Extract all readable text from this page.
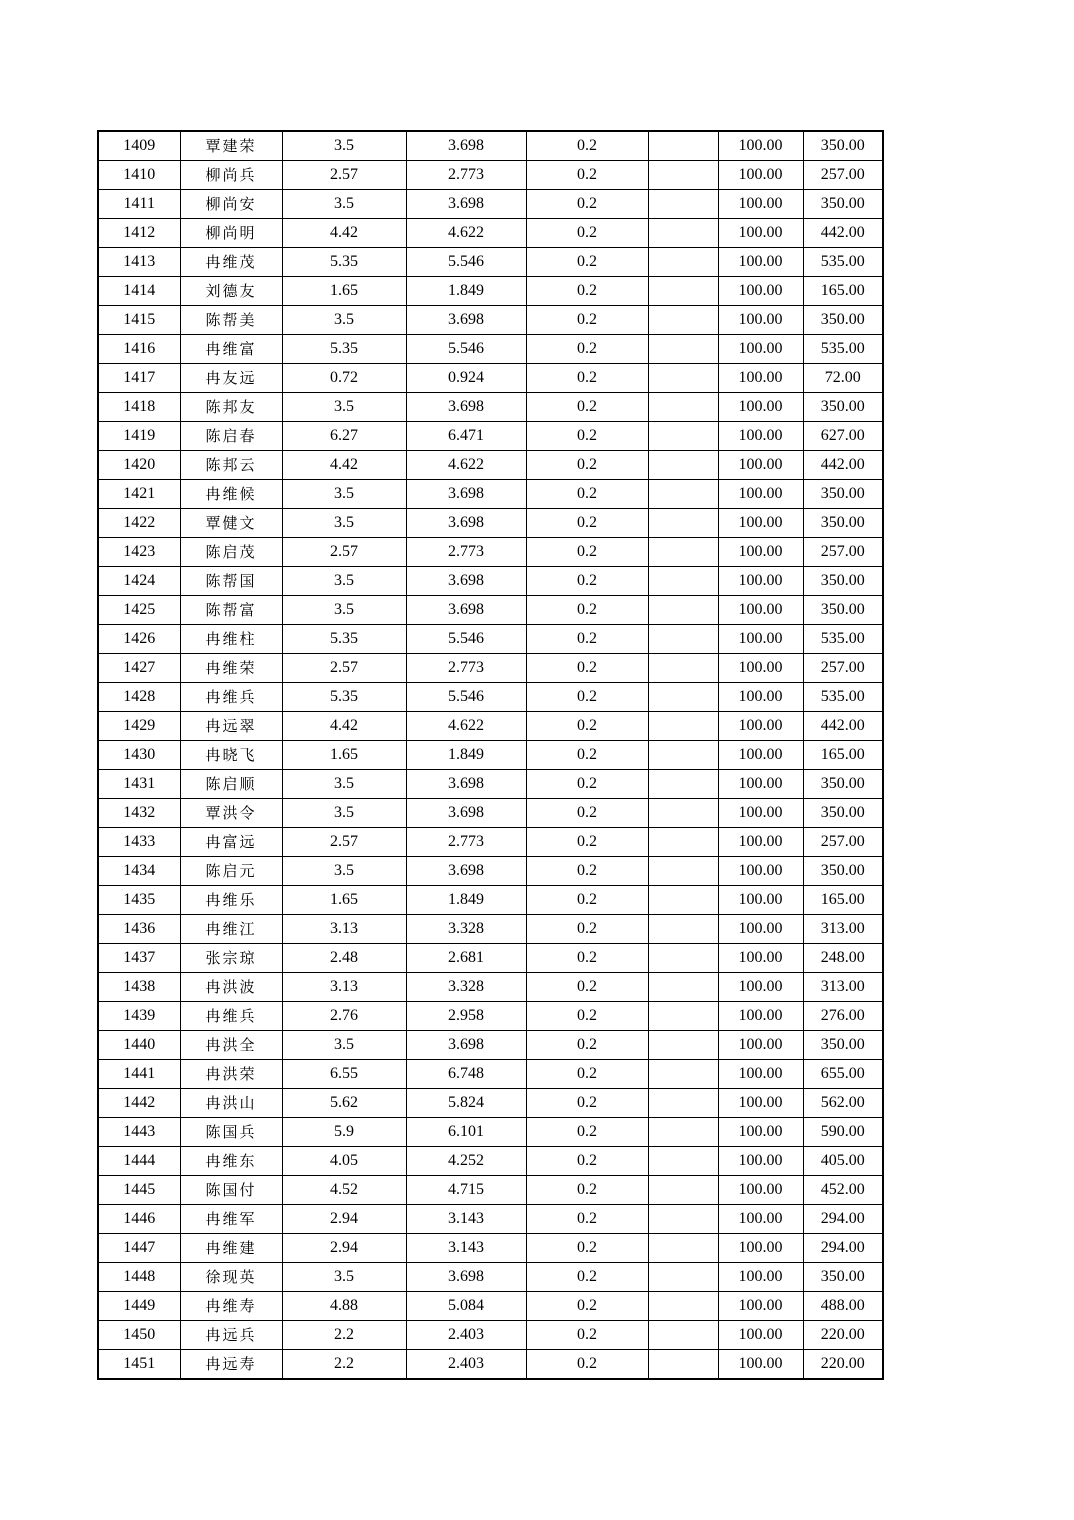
1409	覃建荣	3.5	3.698	0.2		100.00	350.00
1410	柳尚兵	2.57	2.773	0.2		100.00	257.00
1411	柳尚安	3.5	3.698	0.2		100.00	350.00
1412	柳尚明	4.42	4.622	0.2		100.00	442.00
1413	冉维茂	5.35	5.546	0.2		100.00	535.00
1414	刘德友	1.65	1.849	0.2		100.00	165.00
1415	陈帮美	3.5	3.698	0.2		100.00	350.00
1416	冉维富	5.35	5.546	0.2		100.00	535.00
1417	冉友远	0.72	0.924	0.2		100.00	72.00
1418	陈邦友	3.5	3.698	0.2		100.00	350.00
1419	陈启春	6.27	6.471	0.2		100.00	627.00
1420	陈邦云	4.42	4.622	0.2		100.00	442.00
1421	冉维候	3.5	3.698	0.2		100.00	350.00
1422	覃健文	3.5	3.698	0.2		100.00	350.00
1423	陈启茂	2.57	2.773	0.2		100.00	257.00
1424	陈帮国	3.5	3.698	0.2		100.00	350.00
1425	陈帮富	3.5	3.698	0.2		100.00	350.00
1426	冉维柱	5.35	5.546	0.2		100.00	535.00
1427	冉维荣	2.57	2.773	0.2		100.00	257.00
1428	冉维兵	5.35	5.546	0.2		100.00	535.00
1429	冉远翠	4.42	4.622	0.2		100.00	442.00
1430	冉晓飞	1.65	1.849	0.2		100.00	165.00
1431	陈启顺	3.5	3.698	0.2		100.00	350.00
1432	覃洪令	3.5	3.698	0.2		100.00	350.00
1433	冉富远	2.57	2.773	0.2		100.00	257.00
1434	陈启元	3.5	3.698	0.2		100.00	350.00
1435	冉维乐	1.65	1.849	0.2		100.00	165.00
1436	冉维江	3.13	3.328	0.2		100.00	313.00
1437	张宗琼	2.48	2.681	0.2		100.00	248.00
1438	冉洪波	3.13	3.328	0.2		100.00	313.00
1439	冉维兵	2.76	2.958	0.2		100.00	276.00
1440	冉洪全	3.5	3.698	0.2		100.00	350.00
1441	冉洪荣	6.55	6.748	0.2		100.00	655.00
1442	冉洪山	5.62	5.824	0.2		100.00	562.00
1443	陈国兵	5.9	6.101	0.2		100.00	590.00
1444	冉维东	4.05	4.252	0.2		100.00	405.00
1445	陈国付	4.52	4.715	0.2		100.00	452.00
1446	冉维军	2.94	3.143	0.2		100.00	294.00
1447	冉维建	2.94	3.143	0.2		100.00	294.00
1448	徐现英	3.5	3.698	0.2		100.00	350.00
1449	冉维寿	4.88	5.084	0.2		100.00	488.00
1450	冉远兵	2.2	2.403	0.2		100.00	220.00
1451	冉远寿	2.2	2.403	0.2		100.00	220.00
